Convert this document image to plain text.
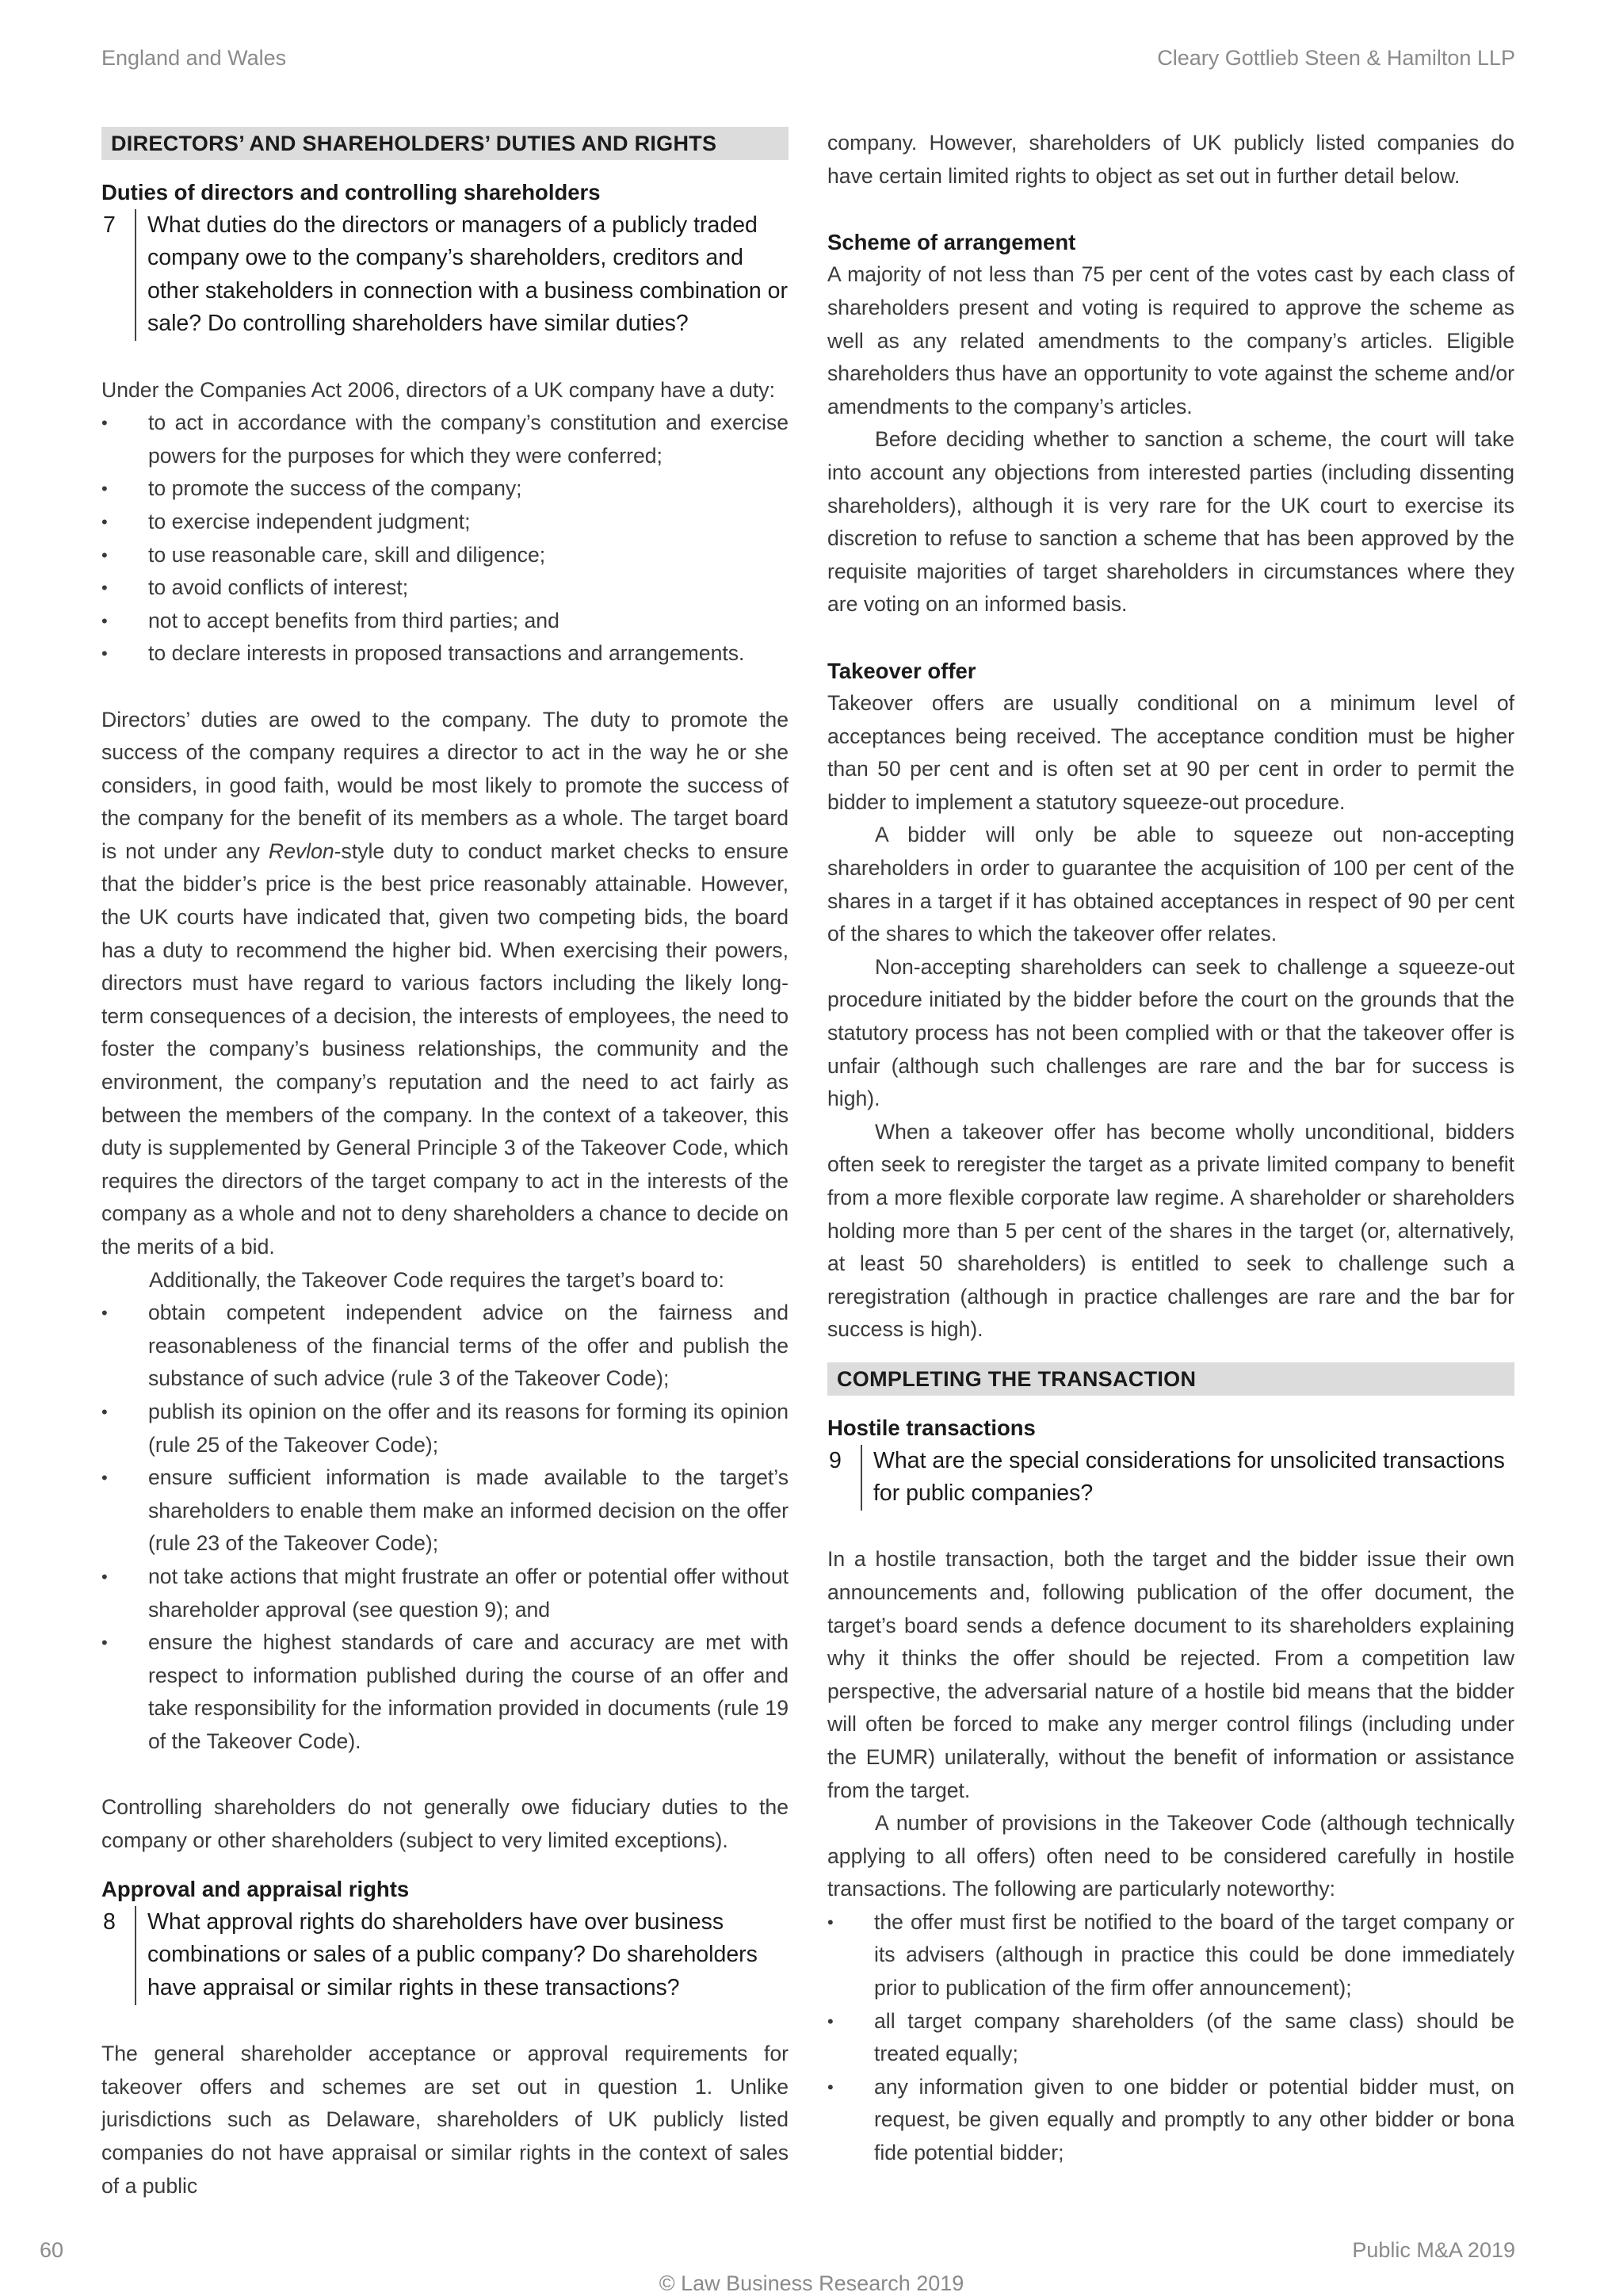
England and Wales	Cleary Gottlieb Steen & Hamilton LLP
DIRECTORS’ AND SHAREHOLDERS’ DUTIES AND RIGHTS
Duties of directors and controlling shareholders
7	What duties do the directors or managers of a publicly traded company owe to the company’s shareholders, creditors and other stakeholders in connection with a business combination or sale? Do controlling shareholders have similar duties?

Under the Companies Act 2006, directors of a UK company have a duty:

• to act in accordance with the company’s constitution and exercise powers for the purposes for which they were conferred;
• to promote the success of the company;
• to exercise independent judgment;
• to use reasonable care, skill and diligence;
• to avoid conflicts of interest;
• not to accept benefits from third parties; and
• to declare interests in proposed transactions and arrangements.

Directors’ duties are owed to the company. The duty to promote the success of the company requires a director to act in the way he or she considers, in good faith, would be most likely to promote the success of the company for the benefit of its members as a whole. The target board is not under any Revlon-style duty to conduct market checks to ensure that the bidder’s price is the best price reasonably attainable. However, the UK courts have indicated that, given two competing bids, the board has a duty to recommend the higher bid. When exercising their powers, directors must have regard to various factors including the likely long-term consequences of a decision, the interests of employees, the need to foster the company’s business relationships, the community and the environment, the company’s reputation and the need to act fairly as between the members of the company. In the context of a takeover, this duty is supplemented by General Principle 3 of the Takeover Code, which requires the directors of the target company to act in the interests of the company as a whole and not to deny shareholders a chance to decide on the merits of a bid.

Additionally, the Takeover Code requires the target’s board to:

• obtain competent independent advice on the fairness and reasonableness of the financial terms of the offer and publish the substance of such advice (rule 3 of the Takeover Code);
• publish its opinion on the offer and its reasons for forming its opinion (rule 25 of the Takeover Code);
• ensure sufficient information is made available to the target’s shareholders to enable them make an informed decision on the offer (rule 23 of the Takeover Code);
• not take actions that might frustrate an offer or potential offer without shareholder approval (see question 9); and
• ensure the highest standards of care and accuracy are met with respect to information published during the course of an offer and take responsibility for the information provided in documents (rule 19 of the Takeover Code).

Controlling shareholders do not generally owe fiduciary duties to the company or other shareholders (subject to very limited exceptions).

Approval and appraisal rights
8	What approval rights do shareholders have over business combinations or sales of a public company? Do shareholders have appraisal or similar rights in these transactions?

The general shareholder acceptance or approval requirements for takeover offers and schemes are set out in question 1. Unlike jurisdictions such as Delaware, shareholders of UK publicly listed companies do not have appraisal or similar rights in the context of sales of a public

company. However, shareholders of UK publicly listed companies do have certain limited rights to object as set out in further detail below.

Scheme of arrangement

A majority of not less than 75 per cent of the votes cast by each class of shareholders present and voting is required to approve the scheme as well as any related amendments to the company’s articles. Eligible shareholders thus have an opportunity to vote against the scheme and/or amendments to the company’s articles.

Before deciding whether to sanction a scheme, the court will take into account any objections from interested parties (including dissenting shareholders), although it is very rare for the UK court to exercise its discretion to refuse to sanction a scheme that has been approved by the requisite majorities of target shareholders in circumstances where they are voting on an informed basis.

Takeover offer

Takeover offers are usually conditional on a minimum level of acceptances being received. The acceptance condition must be higher than 50 per cent and is often set at 90 per cent in order to permit the bidder to implement a statutory squeeze-out procedure.

A bidder will only be able to squeeze out non-accepting shareholders in order to guarantee the acquisition of 100 per cent of the shares in a target if it has obtained acceptances in respect of 90 per cent of the shares to which the takeover offer relates.

Non-accepting shareholders can seek to challenge a squeeze-out procedure initiated by the bidder before the court on the grounds that the statutory process has not been complied with or that the takeover offer is unfair (although such challenges are rare and the bar for success is high).

When a takeover offer has become wholly unconditional, bidders often seek to reregister the target as a private limited company to benefit from a more flexible corporate law regime. A shareholder or shareholders holding more than 5 per cent of the shares in the target (or, alternatively, at least 50 shareholders) is entitled to seek to challenge such a reregistration (although in practice challenges are rare and the bar for success is high).

COMPLETING THE TRANSACTION
Hostile transactions
9	What are the special considerations for unsolicited transactions for public companies?

In a hostile transaction, both the target and the bidder issue their own announcements and, following publication of the offer document, the target’s board sends a defence document to its shareholders explaining why it thinks the offer should be rejected. From a competition law perspective, the adversarial nature of a hostile bid means that the bidder will often be forced to make any merger control filings (including under the EUMR) unilaterally, without the benefit of information or assistance from the target.

A number of provisions in the Takeover Code (although technically applying to all offers) often need to be considered carefully in hostile transactions. The following are particularly noteworthy:

• the offer must first be notified to the board of the target company or its advisers (although in practice this could be done immediately prior to publication of the firm offer announcement);
• all target company shareholders (of the same class) should be treated equally;
• any information given to one bidder or potential bidder must, on request, be given equally and promptly to any other bidder or bona fide potential bidder;
60	Public M&A 2019
© Law Business Research 2019
